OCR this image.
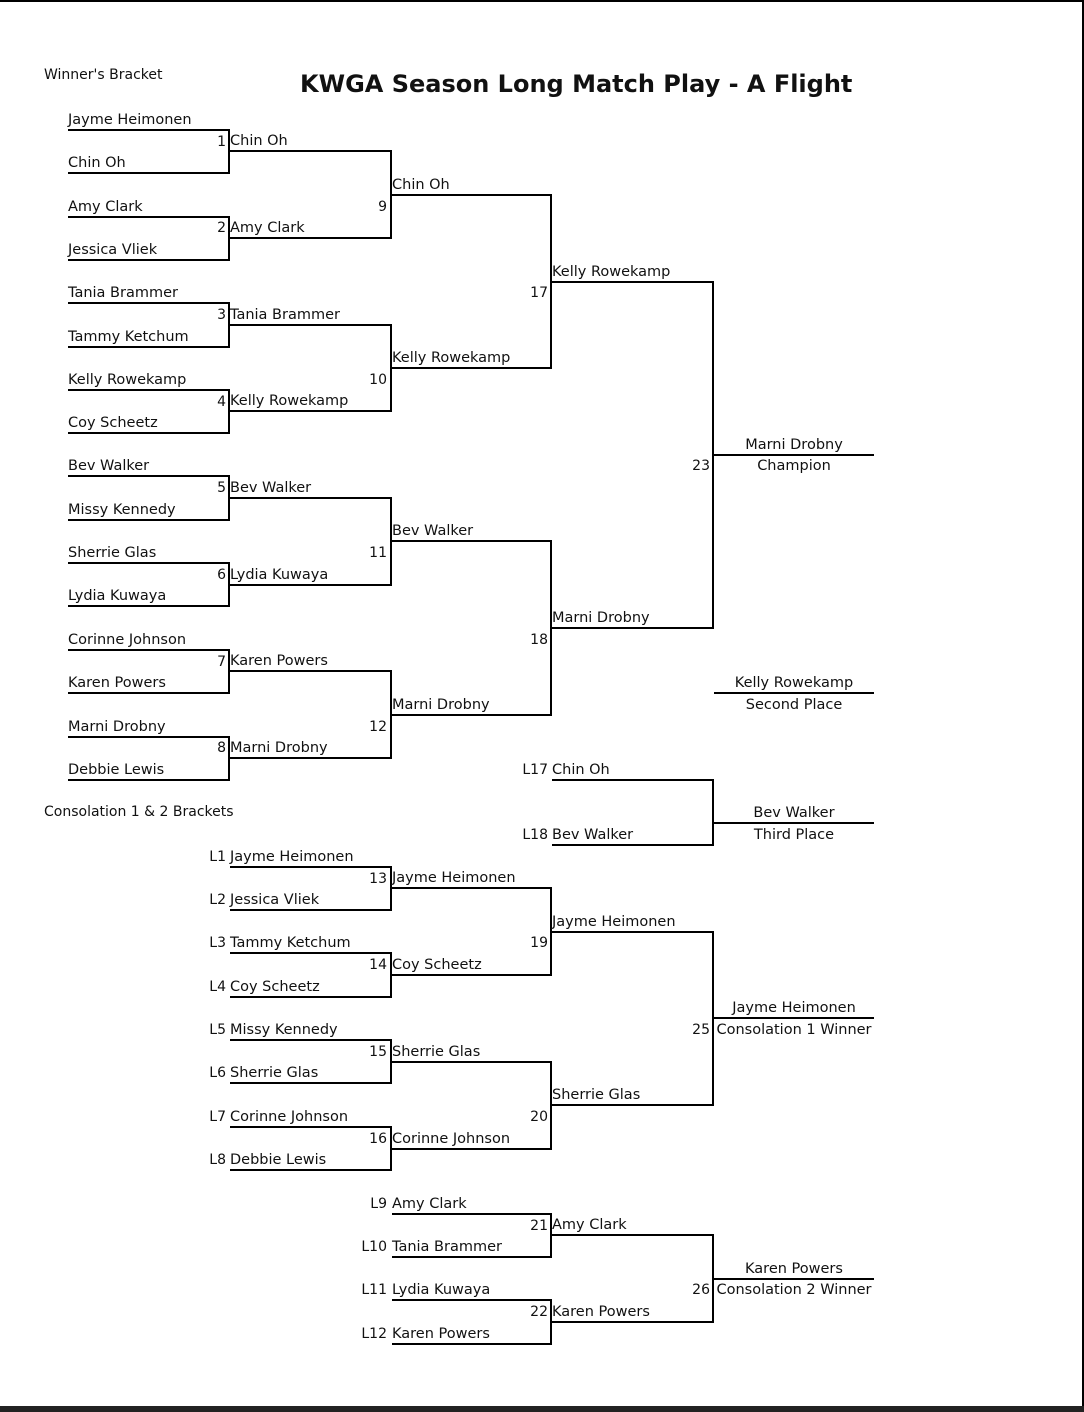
KWGA Season Long Match Play - A Flight
Winner's Bracket
Consolation 1 & 2 Brackets
Jayme Heimonen
Chin Oh
Amy Clark
Jessica Vliek
Tania Brammer
Tammy Ketchum
Kelly Rowekamp
Coy Scheetz
Bev Walker
Missy Kennedy
Sherrie Glas
Lydia Kuwaya
Corinne Johnson
Karen Powers
Marni Drobny
Debbie Lewis
1
2
3
4
5
6
7
8
Chin Oh
Amy Clark
Tania Brammer
Kelly Rowekamp
Bev Walker
Lydia Kuwaya
Karen Powers
Marni Drobny
9
10
11
12
Chin Oh
Kelly Rowekamp
Bev Walker
Marni Drobny
17
18
Kelly Rowekamp
Marni Drobny
23
Marni Drobny
Champion
Kelly Rowekamp
Second Place
L17 Chin Oh
L18 Bev Walker
Bev Walker
Third Place
L1
L2
L3
L4
L5
L6
L7
L8
Jayme Heimonen
Jessica Vliek
Tammy Ketchum
Coy Scheetz
Missy Kennedy
Sherrie Glas
Corinne Johnson
Debbie Lewis
13
14
15
16
Jayme Heimonen
Coy Scheetz
Sherrie Glas
Corinne Johnson
19
20
Jayme Heimonen
Sherrie Glas
25
Jayme Heimonen
Consolation 1 Winner
L9
L10
L11
L12
Amy Clark
Tania Brammer
Lydia Kuwaya
Karen Powers
21
22
Amy Clark
Karen Powers
26
Karen Powers
Consolation 2 Winner
